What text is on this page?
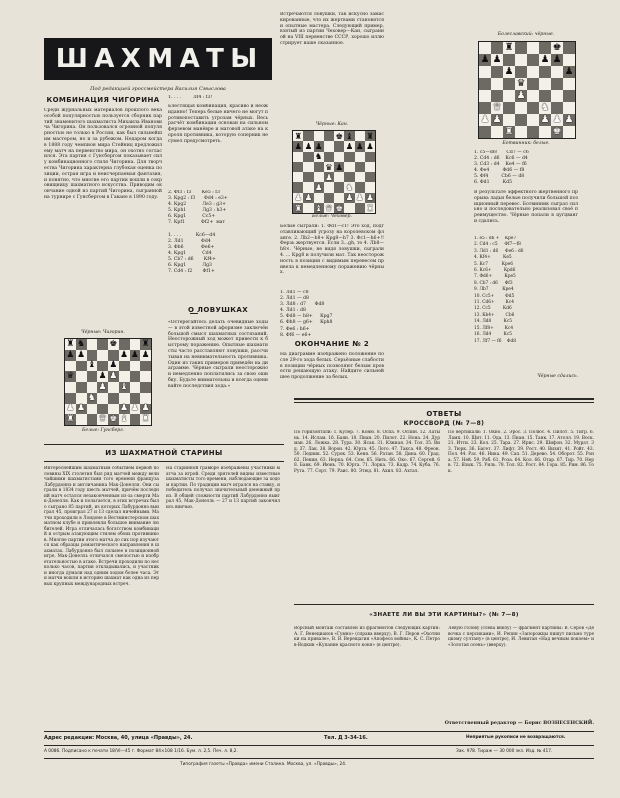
Ш А Х М А Т Ы
Под редакцией гроссмейстера Василия Смыслова
КОМБИНАЦИЯ ЧИГОРИНА
Среди журнальных материалов прошлого века особой популярностью пользуется сборник партий знаменитого шахматиста Михаила Ивановича Чигорина. Он пользовался огромной популярностью не только в России, как был сильнейшим мастером, но и за рубежом. Недаром когда в 1888 году чемпион мира Стейниц предложил ему матч на первенство мира, он охотно согласился. Эта партия с Гунсбергом показывает силу комбинационного стиля Чигорина. Для творчества Чигорина характерна глубокая оценка позиции, острая игра и неисчерпаемая фантазия, и понятно, что многие его партии вошли в сокровищницу шахматного искусства. Приводим окончание одной из партий Чигорина, сыгранной на турнире с Гунсбергом в Гаване в 1890 году.
Чёрные: Чигорин.
♜ ♞	♚	♜
♟ ♟	♟ ♟ ♟
♝ ♟
♛	♟ ♟
♟ ♝
♞
♟ ♟	♟ ♟ ♟
♜	♛ ♚ ♝ ♜
Белые: Гунсберг.
1. . . .        Лf4 : f3!
Блестящая комбинация, красиво и неожиданно! Теперь белые ничего не могут противопоставить угрозам чёрных. Весь расчёт комбинации основан на сильном ферзевом манёвре и матовой атаке на короля противника, которую соперник не сумел предусмотреть.
2. Фf3 : f3       Кe5 : f3
3. Кpg2 : f3      Фd4 : e3+
4. Кpg2           Ле3 : g3+
5. Кph1           Лg3 : h3+
6. Кpg1           Сс5+
7. Кpf1           Фf2+  мат

1. . . .          Кc6—d4
2. Лd1            Фd4
3. Фb6            Фe6+
4. Кpg1           Сd4
5. Сb7 : d6       Кf4+
6. Кpg1           Лg3
7. Сd4 : f2       Фf1+
О ЛОВУШКАХ
«Остерегайтесь делать очевидные ходы — в этой известной афоризме заключён большой смысл шахматных состязаний. Неосторожный ход может привести к быстрому поражению. Опытные шахматисты часто расставляют ловушки, рассчитывая на невнимательность противника. Один из таких примеров приведён на диаграмме. Чёрные сыграли неосторожно и немедленно поплатились за свою ошибку. Будьте внимательны и всегда оценивайте последствия хода.»
Встречаются ловушки, так искусно замаскированные, что их жертвами становятся и опытные мастера. Следующий пример, взятый из партии Чеховер—Кан, сыгранной на VIII первенстве СССР, хорошо иллюстрирует наше сказанное.
Чёрные: Кан.
♜	♚ ♝ ♜
♟ ♟ ♟	♟ ♟ ♟
♞
♛ ♟
♟
♟	♞
♟ ♟	♟ ♟ ♟
♜ ♝ ♛ ♚	♜
Белые: Чеховер.
Белые сыграли: 1. Фd1—c1! Это ход, подготавливающий угрозу на королевском фланге. 2. Лb2—b8+ Кpg8—h7 3. Фc1—h6+!! Ферзь жертвуется. Если 3...gh, то 4. Лb8—h8×. Чёрные, не видя ловушки, сыграли 4. ... Кpg8 и получили мат. Так неосторожность в позиции с видимым перевесом привела к немедленному поражению чёрных.
1. Лd1 — c8
2. Лd1 — d8
3. Лd8 : d7      Фd8
4. Лd1 : d8
5. Фd8 — h8+     Кpg7
6. Фh8 — g6+     Кph8
7. Фe6 : h6+
8. Фf6 — e6+
ОКОНЧАНИЕ № 2
На диаграмме изображено положение после 29-го хода белых. Серьёзные слабости в позиции чёрных позволяют белым провести решающую атаку. Найдите сильнейшее продолжение за белых.
Болеславский: чёрные.
♜	♚
♟ ♟	♟ ♟
♟	♟
♛
♟
♛	♞
♟ ♟	♟ ♟ ♟
♜	♚
Ботвинник: белые.
1. c5—d6!      Сd7 — c6
2. Сd4 : d6    Кc6 — d4
3. Сd3 : d4    Кe4 — f6
4. Фe4         Фd6 — f8
5. Фf4         Сb6 — d8
6. Фd1         Кd5
В результате эффектного жертвенного прорыва ладьи белые получили большой позиционный перевес. Ботвинник сыграл сильно и последовательно реализовал своё преимущество. Чёрные попали в цугцванг и сдались.
1. e5 : d6 +    Кре7
2. Сd4 : c5     Фf7—f8
3. Лd1 : d6     Фe6 : d6
4. Кf4+         Кe5
5. Кс7          Кре6
6. Кс6+         Крd6
7. Фd6+         Кpe5
8. Сb7 : d6     Фf3
9. Лb7          Кpe4
10. Сс5+        Фd5
11. Сd6+        Кc4
12. Сc5         Кd6
13. Кb4+        Сb6
14. Лd8         Кc5
15. Лf8+        Кс4
16. Лd4         Кс5
17. Лf7 — f6    Фd8
Чёрные сдались.
ИЗ ШАХМАТНОЙ СТАРИНЫ
Интереснейшим шахматным событием первой половины XIX столетия был ряд матчей между величайшими шахматистами того времени француза Лабурдоннэ и англичанина Мак-Донелля. Они сыграли в 1834 году шесть матчей, причём последний матч остался незаконченным из-за смерти Мак-Донелля. Как и полагается, в этих встречах было сыграно 85 партий, из которых Лабурдоннэ выиграл 45, проиграл 27 и 13 сделал ничейными. Матчи проходили в Лондоне в Вестминстерском шахматном клубе и привлекли большое внимание любителей. Игра отличалась богатством комбинаций и острым атакующим стилем обоих противников. Многие партии этого матча до сих пор изучаются как образцы романтического направления в шахматах. Лабурдоннэ был сильнее в позиционной игре, Мак-Донелль отличался смелостью и изобретательностью в атаке. Встречи проходили по несколько часов, партии откладывались, и участники иногда думали над одним ходом более часа. Эти матчи вошли в историю шахмат как одна из первых крупных международных встреч.
На старинной гравюре изображены участники матча за игрой. Среди зрителей видны известные шахматисты того времени, наблюдающие за ходом партии. По традиции матч игрался на ставку, и победитель получал значительный денежный приз. В общей сложности партий Лабурдоннэ выиграл 45, Мак-Донелль — 27 и 13 партий закончились вничью.
ОТВЕТЫ
КРОССВОРД (№ 7—8)
По горизонтали: 1. Кулер. 7. Коню. 8. Оспа. 9. Оспин. 12. Латынь. 14. Ислам. 16. Баян. 18. Пиан. 20. Пилот. 22. Нона. 24. Дурман. 26. Ложка. 28. Тура. 30. Ясак. 31. Южная. 34. Тол. 35. Вид. 37. Лак. 38. Ворон. 42. Юрта. 45. Лото. 47. Такса. 48. Фреон. 50. Ледник. 52. Сурок. 53. Кеня. 56. Ратан. 58. Дина. 60. Град. 62. Пекин. 63. Нерпа. 64. Сом. 65. Нить. 66. Око. 67. Сергей. 68. Банк. 69. Июнь. 70. Юрта. 71. Лорка. 73. Кадр. 74. Куба. 76. Рута. 77. Сорт. 79. Раис. 80. Этюд. 81. Ахил. 83. Ахтал.
По вертикали: 1. Окно. 2. Эрос. 3. Полюс. 4. Пилот. 5. Тигр. 6. Ламп. 10. Щит. 11. Ода. 13. Пиан. 15. Танк. 17. Атолл. 19. Воск. 21. Итти. 23. Кол. 25. Тара. 27. Ирис. 29. Шифон. 32. Мурат. 33. Тюрк. 36. Багет. 37. Лифт. 39. Рост. 40. Визит. 41. Ройт. 43. Пол. 44. Рас. 46. Ника. 49. Сап. 51. Дерево. 54. Оборот. 55. Рона. 57. Ней. 59. Раб. 61. Роза. 64. Кол. 66. Отар. 67. Тир. 70. Нерв. 72. Язык. 75. Уиль. 78. Тол. 82. Рост. 84. Гора. 85. Рим. 86. Ток.
«ЗНАЕТЕ ЛИ ВЫ ЭТИ КАРТИНЫ?» (№ 7—8)
Ворсный монтаж составлен из фрагментов следующих картин: А. Г. Венецианов «Гумно» (справа вверху), В. Г. Перов «Охотники на привале», В. В. Верещагин «Апофеоз войны», К. С. Петров-Водкин «Купание красного коня» (в центре).
Левую голову (слева внизу) — фрагмент картины: В. Серов «Девочка с персиками», И. Репин «Запорожцы пишут письмо турецкому султану» (в центре), И. Левитан «Над вечным покоем» и «Золотая осень» (вверху).
Ответственный редактор — Борис ВОЗНЕСЕНСКИЙ.
Адрес редакции: Москва, 40, улица «Правды», 24.	Тел. Д 3-34-16.	Неприятые рукописи не возвращаются.
А 0086. Подписано к печати 18/VI—45 г. Формат 84×108 1/16. Бум. л. 2,5. Печ. л. 8,2.	Зак. 978. Тираж — 30 000 экз. Изд. № 417.
Типография газеты «Правда» имени Сталина. Москва, ул. «Правды», 24.
